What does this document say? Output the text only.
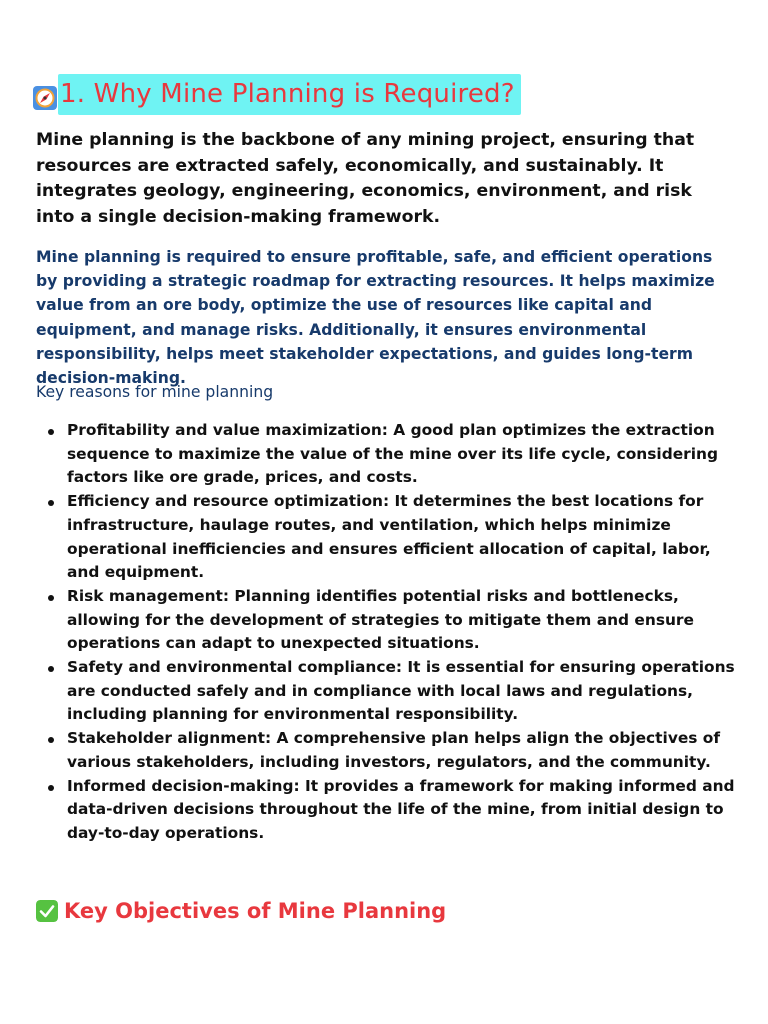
1. Why Mine Planning is Required?

Mine planning is the backbone of any mining project, ensuring that resources are extracted safely, economically, and sustainably. It integrates geology, engineering, economics, environment, and risk into a single decision-making framework.

Mine planning is required to ensure profitable, safe, and efficient operations by providing a strategic roadmap for extracting resources. It helps maximize value from an ore body, optimize the use of resources like capital and equipment, and manage risks. Additionally, it ensures environmental responsibility, helps meet stakeholder expectations, and guides long-term decision-making.

Key reasons for mine planning

Profitability and value maximization: A good plan optimizes the extraction sequence to maximize the value of the mine over its life cycle, considering factors like ore grade, prices, and costs.
Efficiency and resource optimization: It determines the best locations for infrastructure, haulage routes, and ventilation, which helps minimize operational inefficiencies and ensures efficient allocation of capital, labor, and equipment.
Risk management: Planning identifies potential risks and bottlenecks, allowing for the development of strategies to mitigate them and ensure operations can adapt to unexpected situations.
Safety and environmental compliance: It is essential for ensuring operations are conducted safely and in compliance with local laws and regulations, including planning for environmental responsibility.
Stakeholder alignment: A comprehensive plan helps align the objectives of various stakeholders, including investors, regulators, and the community.
Informed decision-making: It provides a framework for making informed and data-driven decisions throughout the life of the mine, from initial design to day-to-day operations.
Key Objectives of Mine Planning
